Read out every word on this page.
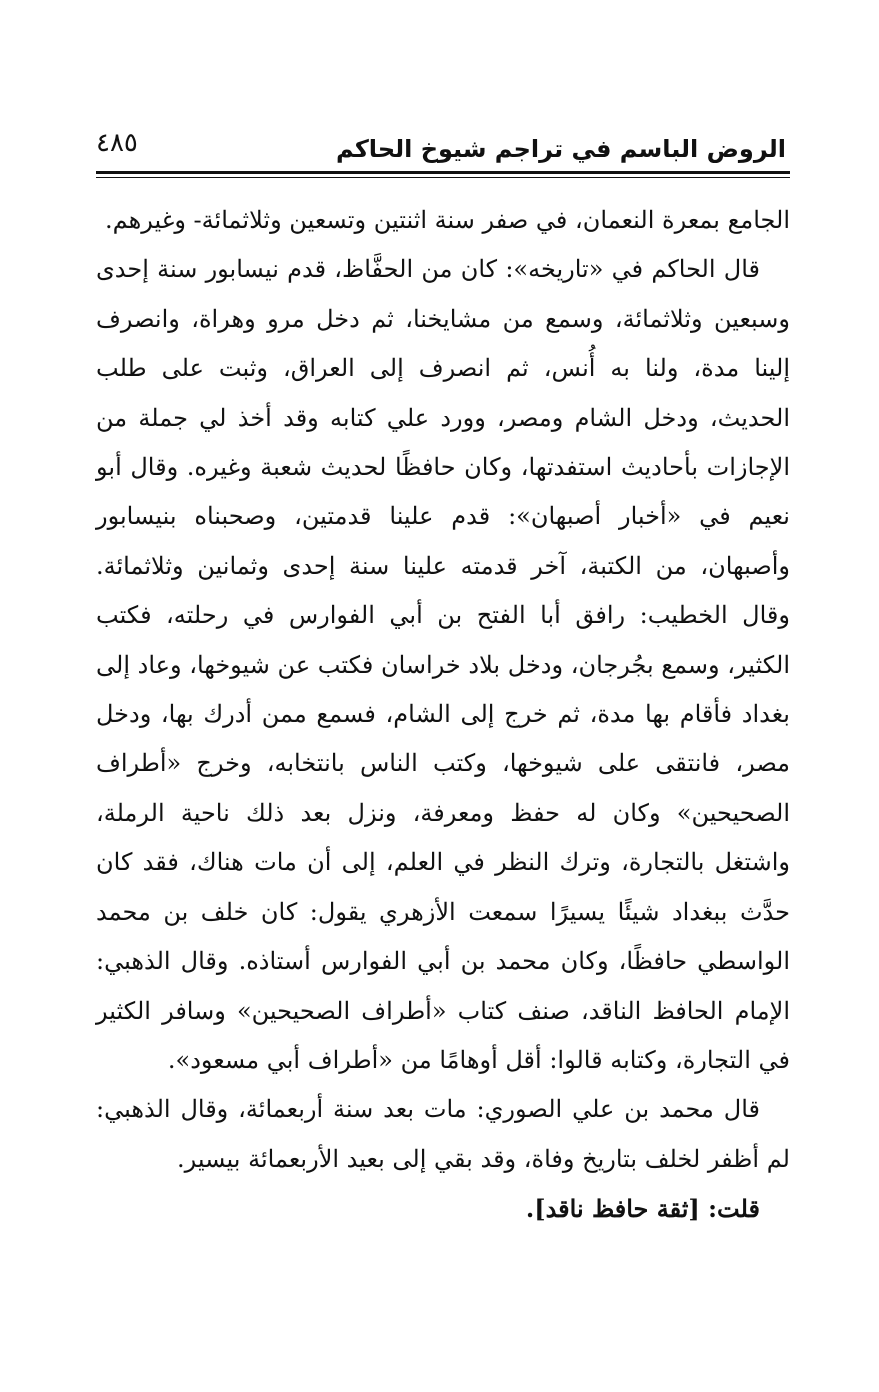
الروض الباسم في تراجم شيوخ الحاكم
٤٨٥

الجامع بمعرة النعمان، في صفر سنة اثنتين وتسعين وثلاثمائة- وغيرهم.

قال الحاكم في «تاريخه»: كان من الحفَّاظ، قدم نيسابور سنة إحدى وسبعين وثلاثمائة، وسمع من مشايخنا، ثم دخل مرو وهراة، وانصرف إلينا مدة، ولنا به أُنس، ثم انصرف إلى العراق، وثبت على طلب الحديث، ودخل الشام ومصر، وورد علي كتابه وقد أخذ لي جملة من الإجازات بأحاديث استفدتها، وكان حافظًا لحديث شعبة وغيره. وقال أبو نعيم في «أخبار أصبهان»: قدم علينا قدمتين، وصحبناه بنيسابور وأصبهان، من الكتبة، آخر قدمته علينا سنة إحدى وثمانين وثلاثمائة. وقال الخطيب: رافق أبا الفتح بن أبي الفوارس في رحلته، فكتب الكثير، وسمع بجُرجان، ودخل بلاد خراسان فكتب عن شيوخها، وعاد إلى بغداد فأقام بها مدة، ثم خرج إلى الشام، فسمع ممن أدرك بها، ودخل مصر، فانتقى على شيوخها، وكتب الناس بانتخابه، وخرج «أطراف الصحيحين» وكان له حفظ ومعرفة، ونزل بعد ذلك ناحية الرملة، واشتغل بالتجارة، وترك النظر في العلم، إلى أن مات هناك، فقد كان حدَّث ببغداد شيئًا يسيرًا سمعت الأزهري يقول: كان خلف بن محمد الواسطي حافظًا، وكان محمد بن أبي الفوارس أستاذه. وقال الذهبي: الإمام الحافظ الناقد، صنف كتاب «أطراف الصحيحين» وسافر الكثير في التجارة، وكتابه قالوا: أقل أوهامًا من «أطراف أبي مسعود».

قال محمد بن علي الصوري: مات بعد سنة أربعمائة، وقال الذهبي: لم أظفر لخلف بتاريخ وفاة، وقد بقي إلى بعيد الأربعمائة بيسير.

قلت: [ثقة حافظ ناقد].
